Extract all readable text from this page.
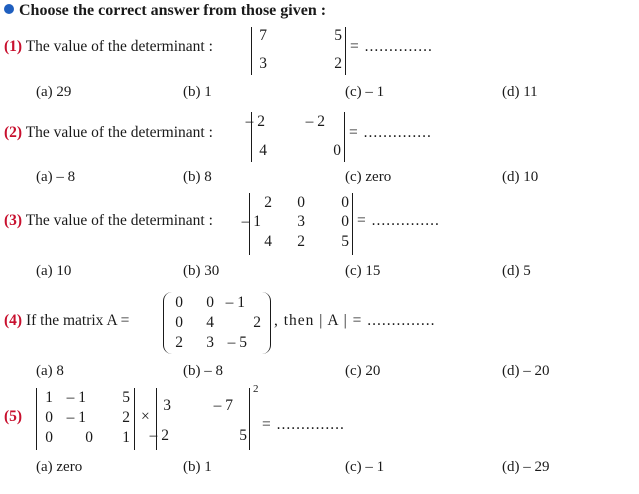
Choose the correct answer from those given :
(1) The value of the determinant :
7	5
3	2
= ..............
(a) 29	(b) 1	(c) – 1	(d) 11
(2) The value of the determinant :
– 2	– 2
4	0
= ..............
(a) – 8	(b) 8	(c) zero	(d) 10
(3) The value of the determinant :
2 0 0
– 1 3 0
4 2 5
= ..............
(a) 10	(b) 30	(c) 15	(d) 5
(4) If the matrix A =
0 0 – 1
0 4	2
2 3 – 5
, then | A | = ..............
(a) 8	(b) – 8	(c) 20	(d) – 20
(5)
1 – 1 5
0 – 1 2
0 0 1
×
3	– 7
– 2	5
2
= ..............
(a) zero	(b) 1	(c) – 1	(d) – 29
